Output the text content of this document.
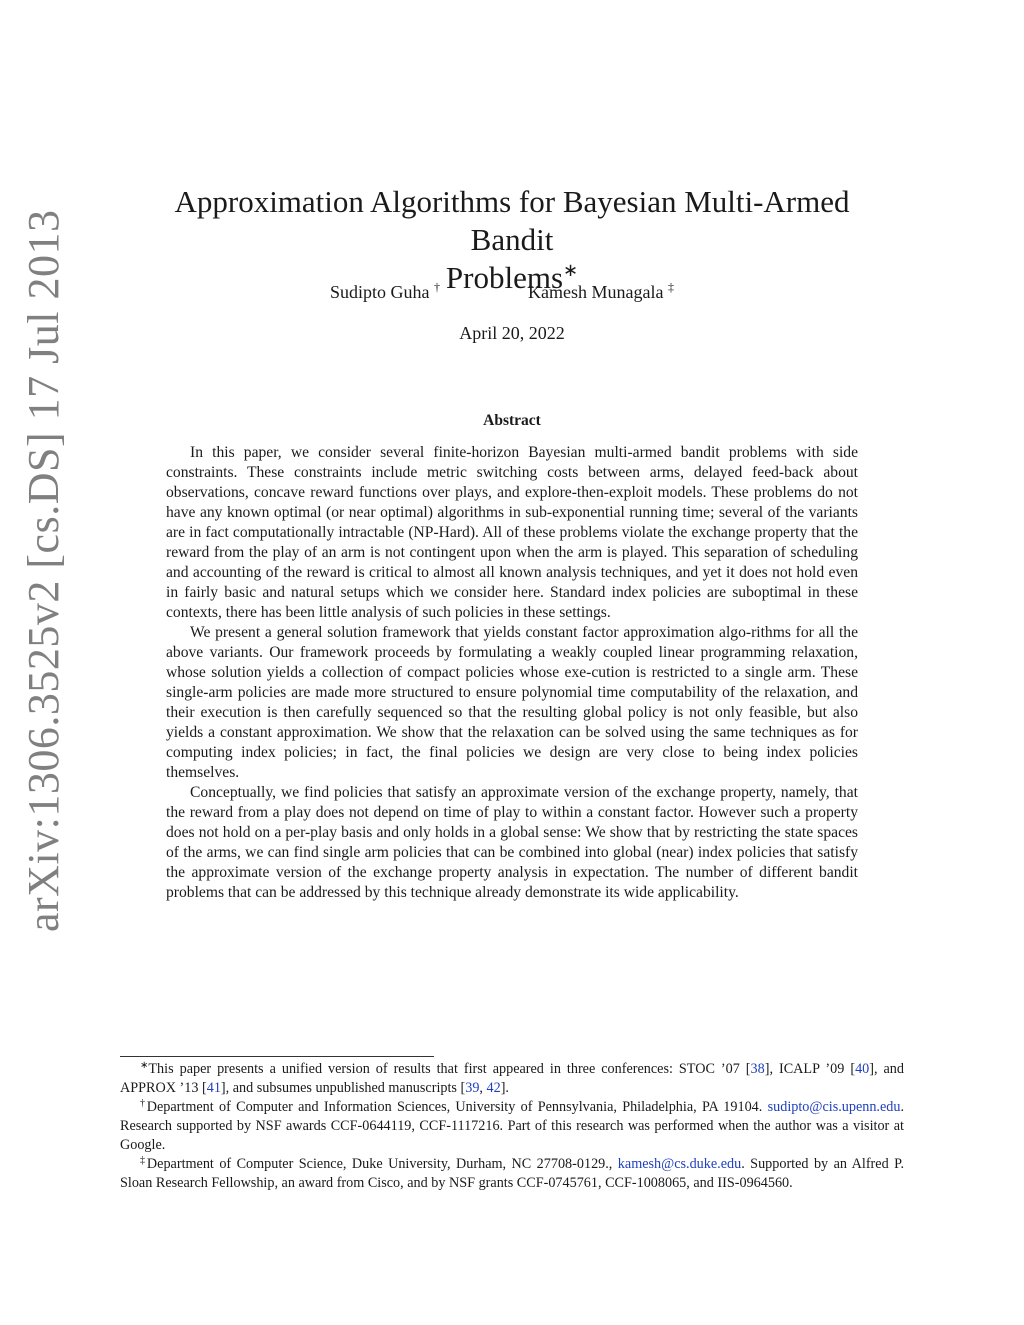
arXiv:1306.3525v2 [cs.DS] 17 Jul 2013
Approximation Algorithms for Bayesian Multi-Armed Bandit
Problems∗
Sudipto Guha †	Kamesh Munagala ‡
April 20, 2022
Abstract

In this paper, we consider several finite-horizon Bayesian multi-armed bandit problems with side constraints. These constraints include metric switching costs between arms, delayed feed-back about observations, concave reward functions over plays, and explore-then-exploit models. These problems do not have any known optimal (or near optimal) algorithms in sub-exponential running time; several of the variants are in fact computationally intractable (NP-Hard). All of these problems violate the exchange property that the reward from the play of an arm is not contingent upon when the arm is played. This separation of scheduling and accounting of the reward is critical to almost all known analysis techniques, and yet it does not hold even in fairly basic and natural setups which we consider here. Standard index policies are suboptimal in these contexts, there has been little analysis of such policies in these settings.

We present a general solution framework that yields constant factor approximation algo-rithms for all the above variants. Our framework proceeds by formulating a weakly coupled linear programming relaxation, whose solution yields a collection of compact policies whose exe-cution is restricted to a single arm. These single-arm policies are made more structured to ensure polynomial time computability of the relaxation, and their execution is then carefully sequenced so that the resulting global policy is not only feasible, but also yields a constant approximation. We show that the relaxation can be solved using the same techniques as for computing index policies; in fact, the final policies we design are very close to being index policies themselves.

Conceptually, we find policies that satisfy an approximate version of the exchange property, namely, that the reward from a play does not depend on time of play to within a constant factor. However such a property does not hold on a per-play basis and only holds in a global sense: We show that by restricting the state spaces of the arms, we can find single arm policies that can be combined into global (near) index policies that satisfy the approximate version of the exchange property analysis in expectation. The number of different bandit problems that can be addressed by this technique already demonstrate its wide applicability.

∗This paper presents a unified version of results that first appeared in three conferences: STOC ’07 [38], ICALP ’09 [40], and APPROX ’13 [41], and subsumes unpublished manuscripts [39, 42].

†Department of Computer and Information Sciences, University of Pennsylvania, Philadelphia, PA 19104. sudipto@cis.upenn.edu. Research supported by NSF awards CCF-0644119, CCF-1117216. Part of this research was performed when the author was a visitor at Google.

‡Department of Computer Science, Duke University, Durham, NC 27708-0129., kamesh@cs.duke.edu. Supported by an Alfred P. Sloan Research Fellowship, an award from Cisco, and by NSF grants CCF-0745761, CCF-1008065, and IIS-0964560.
